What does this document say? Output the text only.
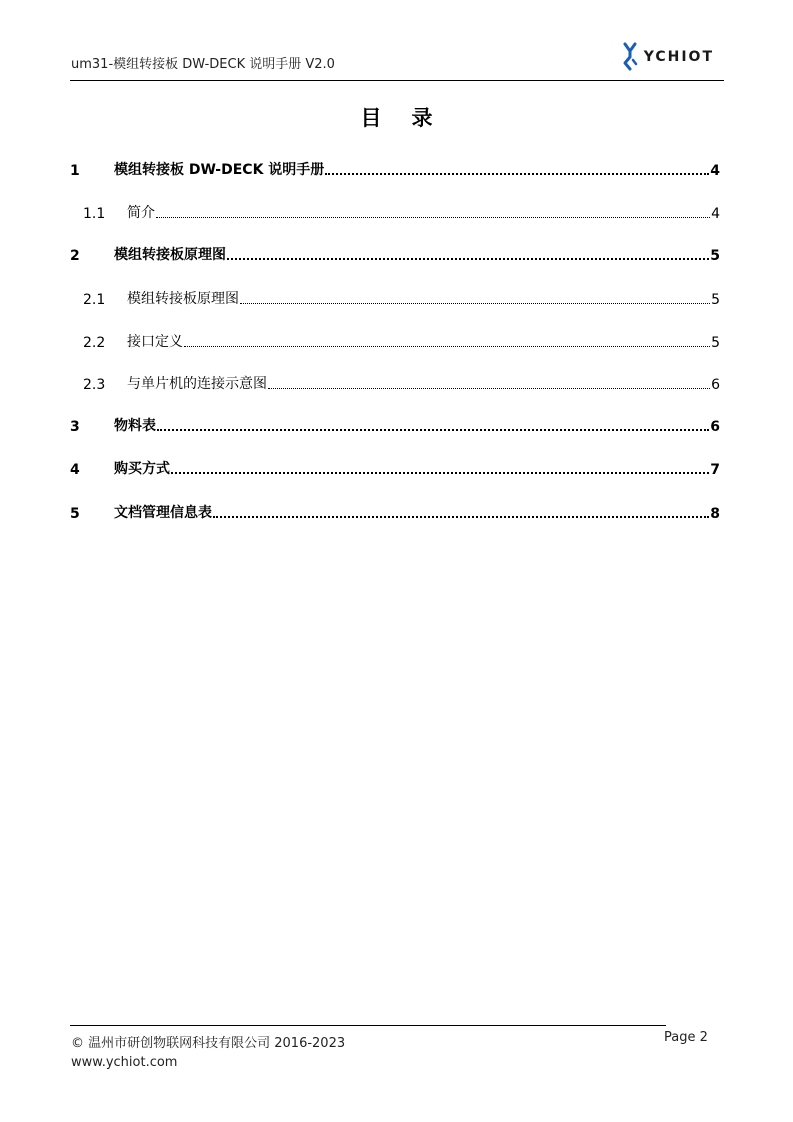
um31-模组转接板 DW-DECK 说明手册 V2.0	YCHIOT
目录
1	模组转接板 DW-DECK 说明手册	4
1.1	简介	4
2	模组转接板原理图	5
2.1	模组转接板原理图	5
2.2	接口定义	5
2.3	与单片机的连接示意图	6
3	物料表	6
4	购买方式	7
5	文档管理信息表	8
© 温州市研创物联网科技有限公司 2016-2023
www.ychiot.com
Page 2
